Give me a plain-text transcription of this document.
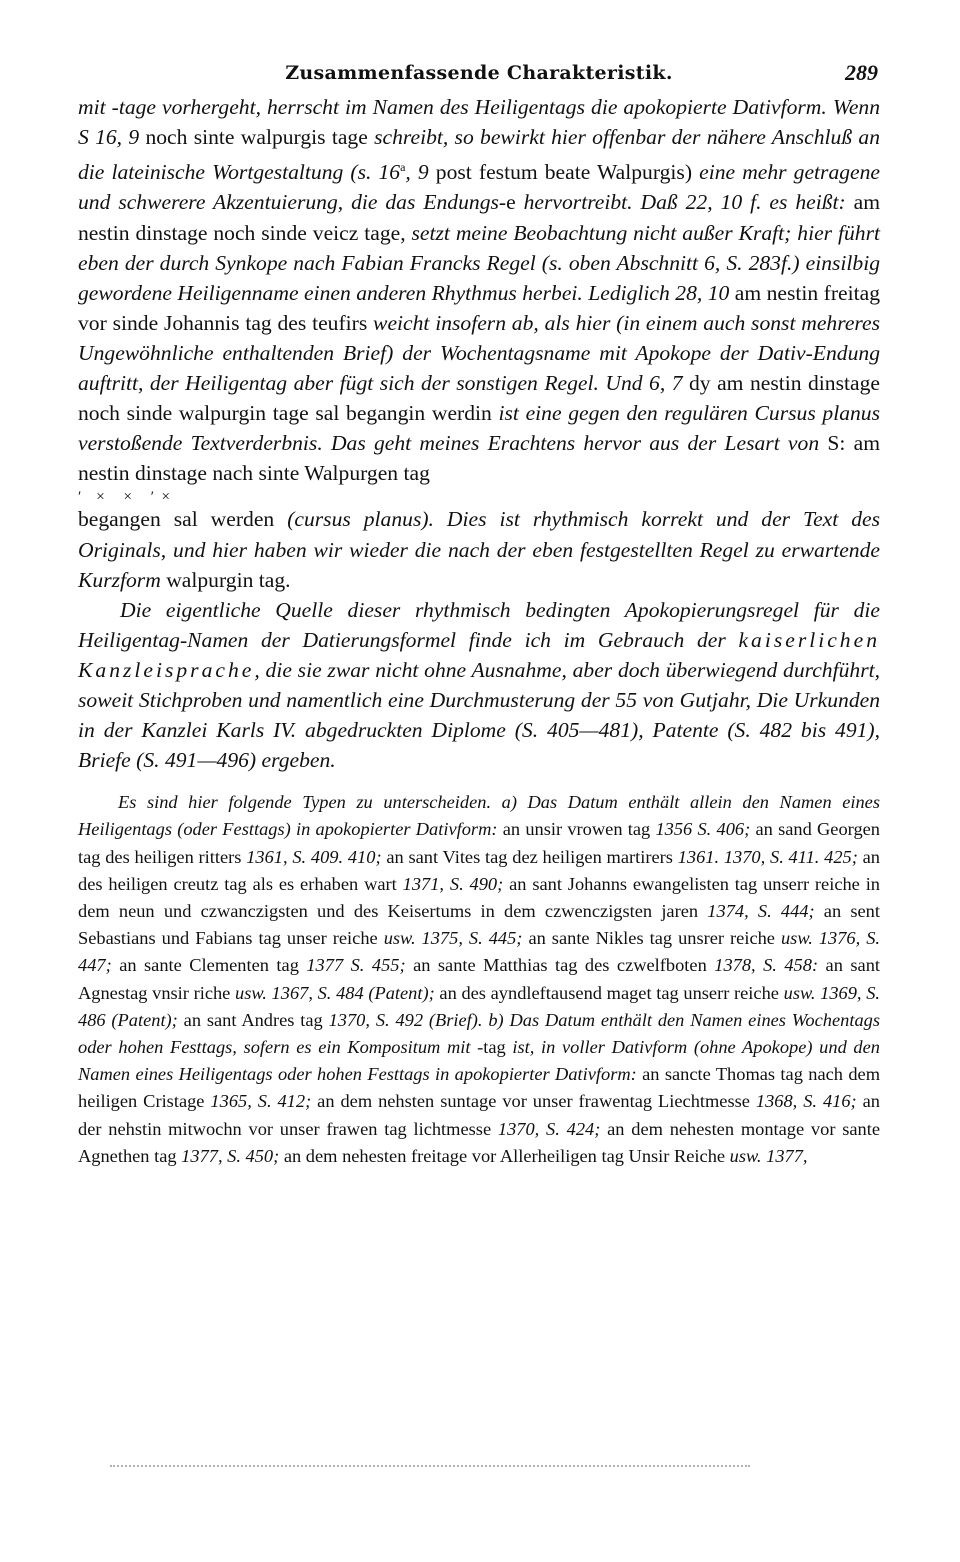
Zusammenfassende Charakteristik.	289

mit -tage vorhergeht, herrscht im Namen des Heiligentags die apokopierte Dativform. Wenn S 16, 9 noch sinte walpurgis tage schreibt, so bewirkt hier offenbar der nähere Anschluß an die lateinische Wortgestaltung (s. 16$^a$, 9 post festum beate Walpurgis) eine mehr getragene und schwerere Akzentuierung, die das Endungs-e hervortreibt. Daß 22, 10 f. es heißt: am nestin dinstage noch sinde veicz tage, setzt meine Beobachtung nicht außer Kraft; hier führt eben der durch Synkope nach Fabian Francks Regel (s. oben Abschnitt 6, S. 283f.) einsilbig gewordene Heiligenname einen anderen Rhythmus herbei. Lediglich 28, 10 am nestin freitag vor sinde Johannis tag des teufirs weicht insofern ab, als hier (in einem auch sonst mehreres Ungewöhnliche enthaltenden Brief) der Wochentagsname mit Apokope der Dativ-Endung auftritt, der Heiligentag aber fügt sich der sonstigen Regel. Und 6, 7 dy am nestin dinstage noch sinde walpurgin tage sal begangin werdin ist eine gegen den regulären Cursus planus verstoßende Textverderbnis. Das geht meines Erachtens hervor aus der Lesart von S: am nestin dinstage nach sinte Walpurgen tag

ʹ    ×     ×     ʹ  ×

begangen sal werden (cursus planus). Dies ist rhythmisch korrekt und der Text des Originals, und hier haben wir wieder die nach der eben festgestellten Regel zu erwartende Kurzform walpurgin tag.

Die eigentliche Quelle dieser rhythmisch bedingten Apokopierungsregel für die Heiligentag-Namen der Datierungsformel finde ich im Gebrauch der kaiserlichen Kanzleisprache, die sie zwar nicht ohne Ausnahme, aber doch überwiegend durchführt, soweit Stichproben und namentlich eine Durchmusterung der 55 von Gutjahr, Die Urkunden in der Kanzlei Karls IV. abgedruckten Diplome (S. 405—481), Patente (S. 482 bis 491), Briefe (S. 491—496) ergeben.

Es sind hier folgende Typen zu unterscheiden. a) Das Datum enthält allein den Namen eines Heiligentags (oder Festtags) in apokopierter Dativform: an unsir vrowen tag 1356 S. 406; an sand Georgen tag des heiligen ritters 1361, S. 409. 410; an sant Vites tag dez heiligen martirers 1361. 1370, S. 411. 425; an des heiligen creutz tag als es erhaben wart 1371, S. 490; an sant Johanns ewangelisten tag unserr reiche in dem neun und czwanczigsten und des Keisertums in dem czwenczigsten jaren 1374, S. 444; an sent Sebastians und Fabians tag unser reiche usw. 1375, S. 445; an sante Nikles tag unsrer reiche usw. 1376, S. 447; an sante Clementen tag 1377 S. 455; an sante Matthias tag des czwelfboten 1378, S. 458: an sant Agnestag vnsir riche usw. 1367, S. 484 (Patent); an des ayndleftausend maget tag unserr reiche usw. 1369, S. 486 (Patent); an sant Andres tag 1370, S. 492 (Brief). b) Das Datum enthält den Namen eines Wochentags oder hohen Festtags, sofern es ein Kompositum mit -tag ist, in voller Dativform (ohne Apokope) und den Namen eines Heiligentags oder hohen Festtags in apokopierter Dativform: an sancte Thomas tag nach dem heiligen Cristage 1365, S. 412; an dem nehsten suntage vor unser frawentag Liechtmesse 1368, S. 416; an der nehstin mitwochn vor unser frawen tag lichtmesse 1370, S. 424; an dem nehesten montage vor sante Agnethen tag 1377, S. 450; an dem nehesten freitage vor Allerheiligen tag Unsir Reiche usw. 1377,
